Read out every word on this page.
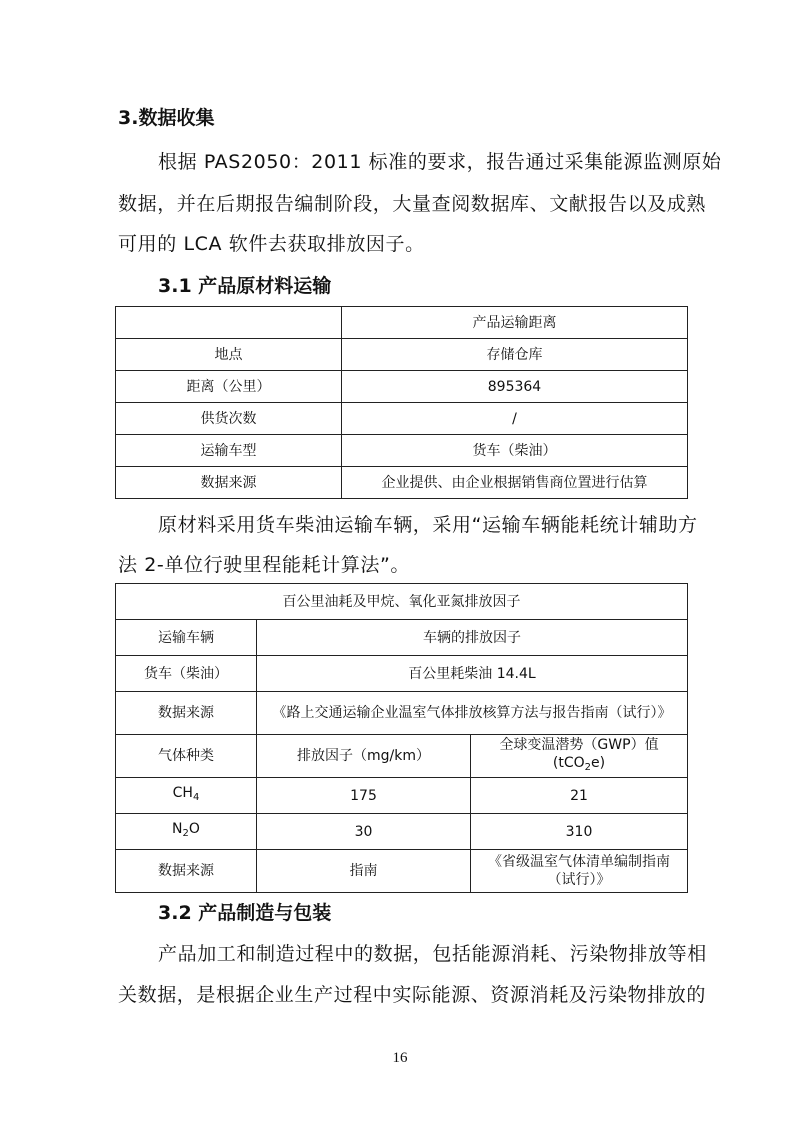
3.数据收集
根据 PAS2050：2011 标准的要求，报告通过采集能源监测原始
数据，并在后期报告编制阶段，大量查阅数据库、文献报告以及成熟
可用的 LCA 软件去获取排放因子。
3.1 产品原材料运输
	产品运输距离
地点	存储仓库
距离（公里）	895364
供货次数	/
运输车型	货车（柴油）
数据来源	企业提供、由企业根据销售商位置进行估算
原材料采用货车柴油运输车辆，采用“运输车辆能耗统计辅助方
法 2-单位行驶里程能耗计算法”。
百公里油耗及甲烷、氧化亚氮排放因子		
运输车辆	车辆的排放因子	
货车（柴油）	百公里耗柴油 14.4L	
数据来源	《路上交通运输企业温室气体排放核算方法与报告指南（试行）》	
气体种类	排放因子（mg/km）	全球变温潜势（GWP）值
(tCO$_2$e)

$CH_4$	175	21
$N_2O$	30	310
数据来源	指南	《省级温室气体清单编制指南（试行）》
3.2 产品制造与包装
产品加工和制造过程中的数据，包括能源消耗、污染物排放等相
关数据，是根据企业生产过程中实际能源、资源消耗及污染物排放的
16
